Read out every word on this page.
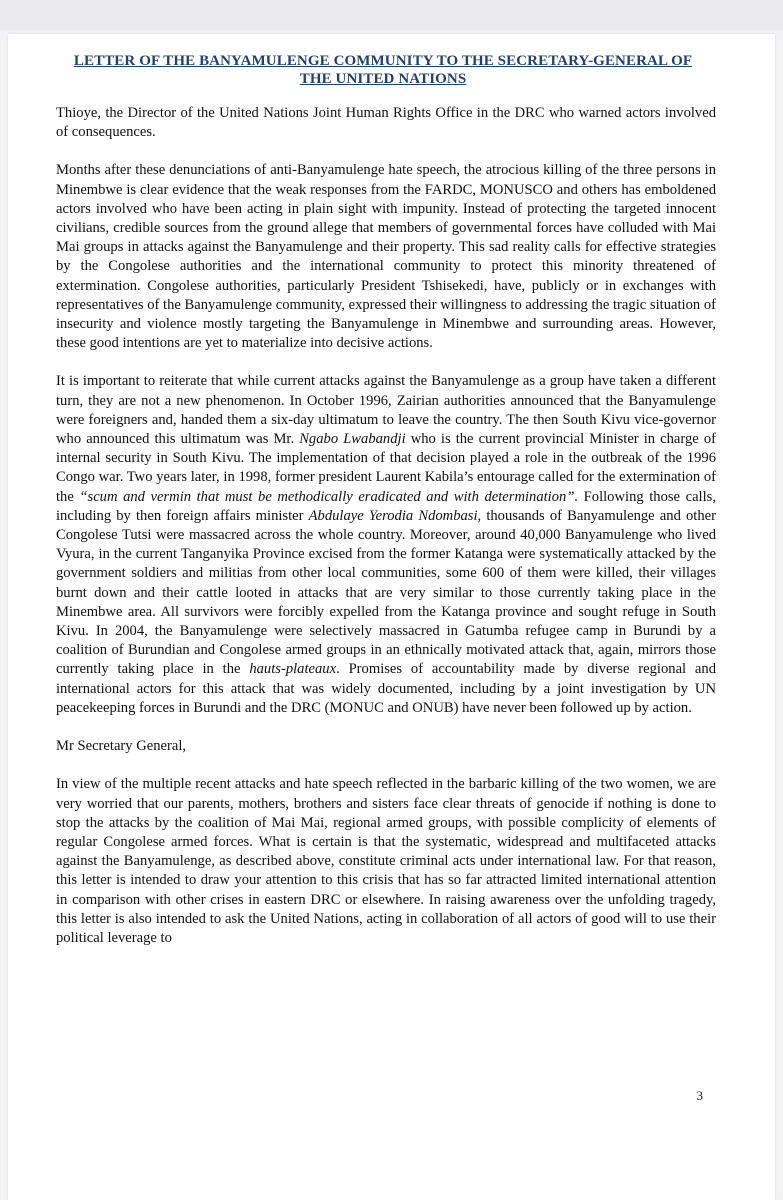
LETTER OF THE BANYAMULENGE COMMUNITY TO THE SECRETARY-GENERAL OF THE UNITED NATIONS

Thioye, the Director of the United Nations Joint Human Rights Office in the DRC who warned actors involved of consequences.

Months after these denunciations of anti-Banyamulenge hate speech, the atrocious killing of the three persons in Minembwe is clear evidence that the weak responses from the FARDC, MONUSCO and others has emboldened actors involved who have been acting in plain sight with impunity. Instead of protecting the targeted innocent civilians, credible sources from the ground allege that members of governmental forces have colluded with Mai Mai groups in attacks against the Banyamulenge and their property. This sad reality calls for effective strategies by the Congolese authorities and the international community to protect this minority threatened of extermination. Congolese authorities, particularly President Tshisekedi, have, publicly or in exchanges with representatives of the Banyamulenge community, expressed their willingness to addressing the tragic situation of insecurity and violence mostly targeting the Banyamulenge in Minembwe and surrounding areas. However, these good intentions are yet to materialize into decisive actions.

It is important to reiterate that while current attacks against the Banyamulenge as a group have taken a different turn, they are not a new phenomenon. In October 1996, Zairian authorities announced that the Banyamulenge were foreigners and, handed them a six-day ultimatum to leave the country. The then South Kivu vice-governor who announced this ultimatum was Mr. Ngabo Lwabandji who is the current provincial Minister in charge of internal security in South Kivu. The implementation of that decision played a role in the outbreak of the 1996 Congo war. Two years later, in 1998, former president Laurent Kabila’s entourage called for the extermination of the “scum and vermin that must be methodically eradicated and with determination”. Following those calls, including by then foreign affairs minister Abdulaye Yerodia Ndombasi, thousands of Banyamulenge and other Congolese Tutsi were massacred across the whole country. Moreover, around 40,000 Banyamulenge who lived Vyura, in the current Tanganyika Province excised from the former Katanga were systematically attacked by the government soldiers and militias from other local communities, some 600 of them were killed, their villages burnt down and their cattle looted in attacks that are very similar to those currently taking place in the Minembwe area. All survivors were forcibly expelled from the Katanga province and sought refuge in South Kivu. In 2004, the Banyamulenge were selectively massacred in Gatumba refugee camp in Burundi by a coalition of Burundian and Congolese armed groups in an ethnically motivated attack that, again, mirrors those currently taking place in the hauts-plateaux. Promises of accountability made by diverse regional and international actors for this attack that was widely documented, including by a joint investigation by UN peacekeeping forces in Burundi and the DRC (MONUC and ONUB) have never been followed up by action.

Mr Secretary General,

In view of the multiple recent attacks and hate speech reflected in the barbaric killing of the two women, we are very worried that our parents, mothers, brothers and sisters face clear threats of genocide if nothing is done to stop the attacks by the coalition of Mai Mai, regional armed groups, with possible complicity of elements of regular Congolese armed forces. What is certain is that the systematic, widespread and multifaceted attacks against the Banyamulenge, as described above, constitute criminal acts under international law. For that reason, this letter is intended to draw your attention to this crisis that has so far attracted limited international attention in comparison with other crises in eastern DRC or elsewhere. In raising awareness over the unfolding tragedy, this letter is also intended to ask the United Nations, acting in collaboration of all actors of good will to use their political leverage to

3
